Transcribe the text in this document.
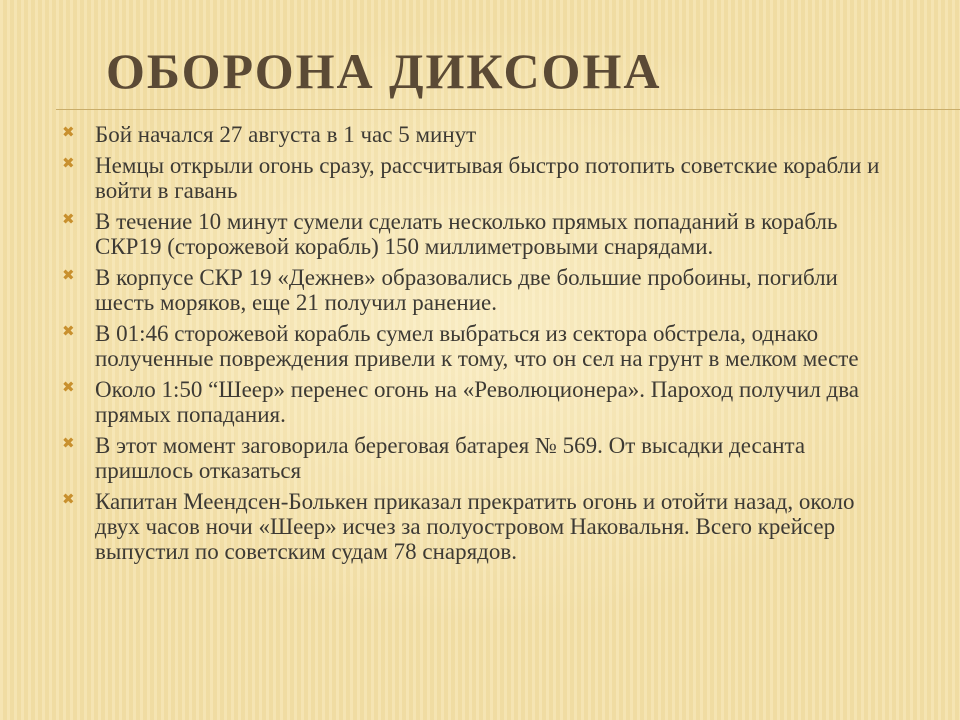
ОБОРОНА ДИКСОНА
✖ Бой начался 27 августа в 1 час 5 минут
✖ Немцы открыли огонь сразу, рассчитывая быстро потопить советские корабли и войти в гавань
✖ В течение 10 минут сумели сделать несколько прямых попаданий в корабль СКР19 (сторожевой корабль) 150 миллиметровыми снарядами.
✖ В корпусе СКР 19 «Дежнев» образовались две большие пробоины, погибли шесть моряков, еще 21 получил ранение.
✖ В 01:46 сторожевой корабль сумел выбраться из сектора обстрела, однако полученные повреждения привели к тому, что он сел на грунт в мелком месте
✖ Около 1:50 “Шеер» перенес огонь на «Революционера». Пароход получил два прямых попадания.
✖ В этот момент заговорила береговая батарея № 569. От высадки десанта пришлось отказаться
✖ Капитан Меендсен-Болькен приказал прекратить огонь и отойти назад, около двух часов ночи «Шеер» исчез за полуостровом Наковальня. Всего крейсер выпустил по советским судам 78 снарядов.
